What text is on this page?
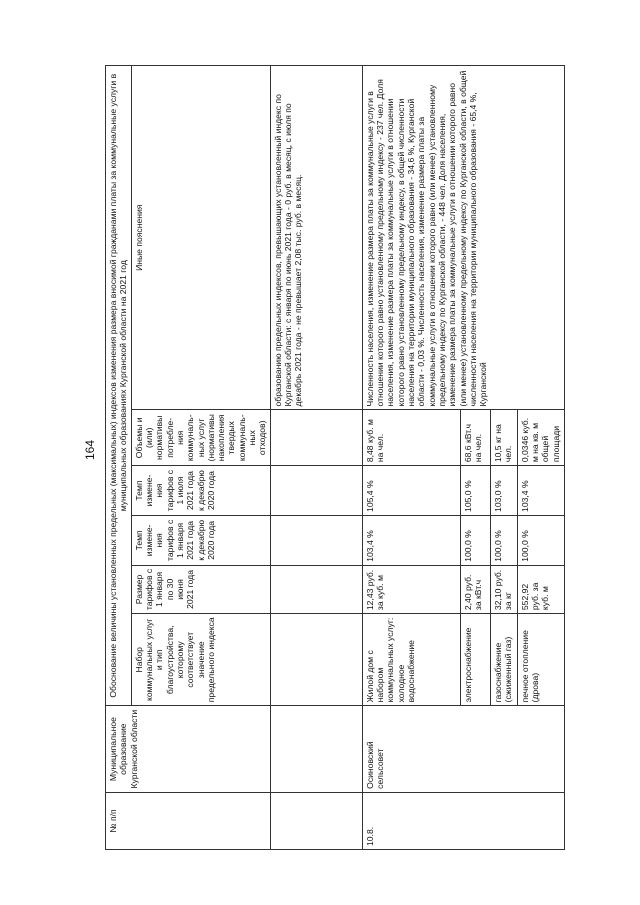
164
№ п/п	Муниципальное образование Курганской области	Обоснование величины установленных предельных (максимальных) индексов изменения размера вносимой гражданами платы за коммунальные услуги в муниципальных образованиях Курганской области на 2021 год					
		Набор коммунальных услуг и тип благоустройства, которому соответствует значение предельного индекса	Размер тарифов с 1 января по 30 июня 2021 года	Темп измене-ния тарифов с 1 января 2021 года к декабрю 2020 года	Темп измене-ния тарифов с 1 июля 2021 года к декабрю 2020 года	Объемы и (или) нормативы потребле-ния коммуналь-ных услуг (нормативы накопления твердых коммуналь-ных отходов)	Иные пояснения
							образованию предельных индексов, превышающих установленный индекс по Курганской области: с января по июнь 2021 года - 0 руб. в месяц, с июля по декабрь 2021 года - не превышает 2,08 тыс. руб. в месяц.
10.8.	Осиновский сельсовет	Жилой дом с набором коммунальных услуг: холодное водоснабжение	12,43 руб. за куб. м	103,4 %	105,4 %	8,48 куб. м на чел.	Численность населения, изменение размера платы за коммунальные услуги в отношении которого равно установленному предельному индексу - 237 чел. Доля населения, изменение размера платы за коммунальные услуги в отношении которого равно установленному предельному индексу, в общей численности населения на территории муниципального образования - 34,6 %, Курганской области - 0,03 %. Численность населения, изменение размера платы за коммунальные услуги в отношении которого равно (или менее) установленному предельному индексу по Курганской области, - 448 чел. Доля населения, изменение размера платы за коммунальные услуги в отношении которого равно (или менее) установленному предельному индексу по Курганской области, в общей численности населения на территории муниципального образования - 65,4 %, Курганской
		электроснабжение	2,40 руб. за кВт.ч	100,0 %	105,0 %	68,6 кВт.ч на чел.	
		газоснабжение (сжиженный газ)	32,10 руб. за кг	100,0 %	103,0 %	10,5 кг на чел.	
		печное отопление (дрова)	552,92 руб. за куб. м	100,0 %	103,4 %	0,0346 куб. м на кв. м общей площади	
